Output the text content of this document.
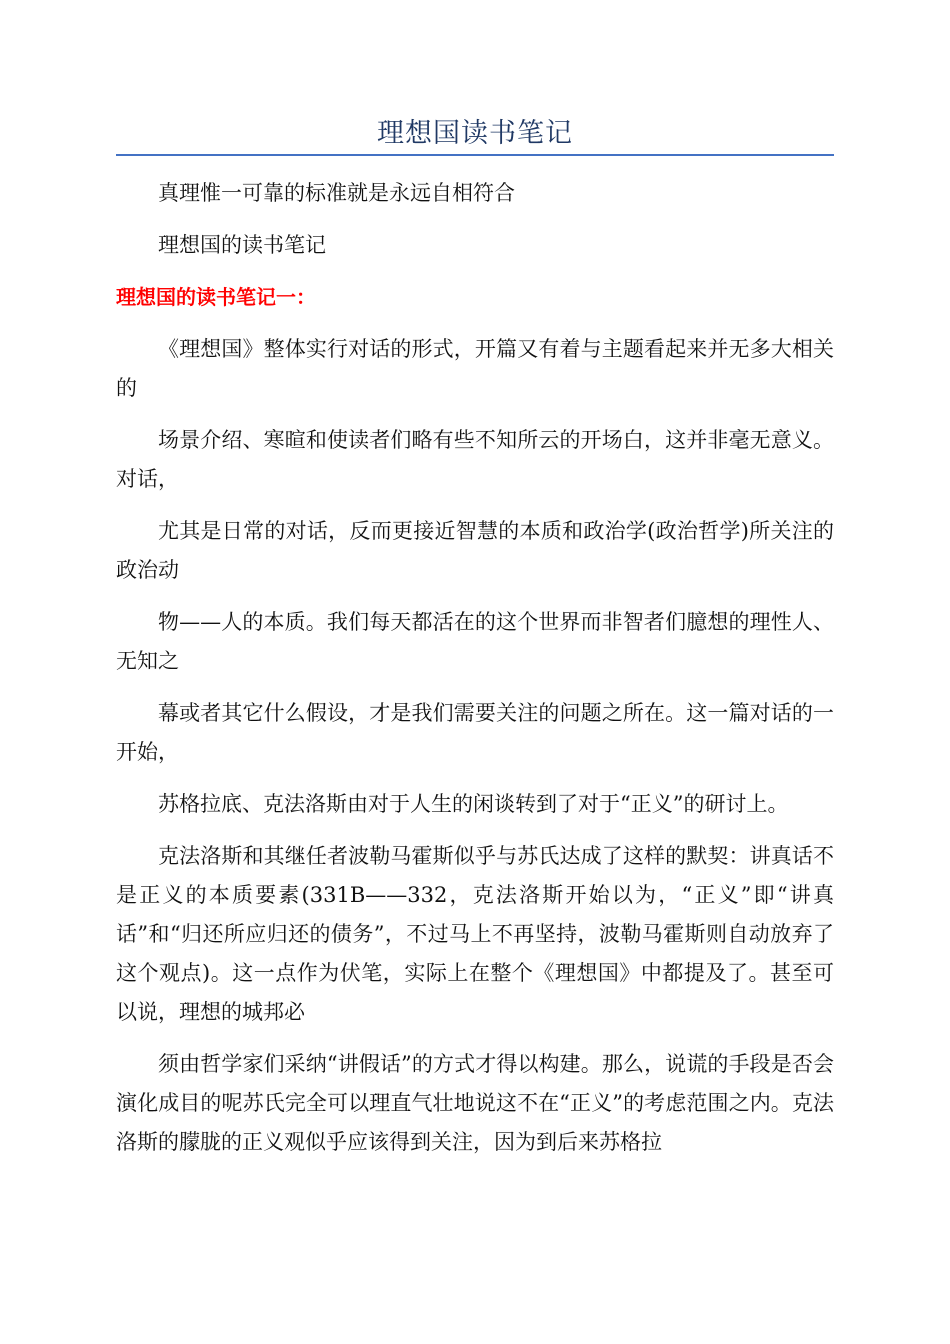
理想国读书笔记

真理惟一可靠的标准就是永远自相符合

理想国的读书笔记

理想国的读书笔记一：

《理想国》整体实行对话的形式，开篇又有着与主题看起来并无多大相关的

场景介绍、寒暄和使读者们略有些不知所云的开场白，这并非毫无意义。对话，

尤其是日常的对话，反而更接近智慧的本质和政治学(政治哲学)所关注的政治动

物——人的本质。我们每天都活在的这个世界而非智者们臆想的理性人、无知之

幕或者其它什么假设，才是我们需要关注的问题之所在。这一篇对话的一开始，

苏格拉底、克法洛斯由对于人生的闲谈转到了对于“正义”的研讨上。

克法洛斯和其继任者波勒马霍斯似乎与苏氏达成了这样的默契：讲真话不是正义的本质要素(331B——332，克法洛斯开始以为，“正义”即“讲真话”和“归还所应归还的债务”，不过马上不再坚持，波勒马霍斯则自动放弃了这个观点)。这一点作为伏笔，实际上在整个《理想国》中都提及了。甚至可以说，理想的城邦必

须由哲学家们采纳“讲假话”的方式才得以构建。那么，说谎的手段是否会演化成目的呢苏氏完全可以理直气壮地说这不在“正义”的考虑范围之内。克法洛斯的朦胧的正义观似乎应该得到关注，因为到后来苏格拉
